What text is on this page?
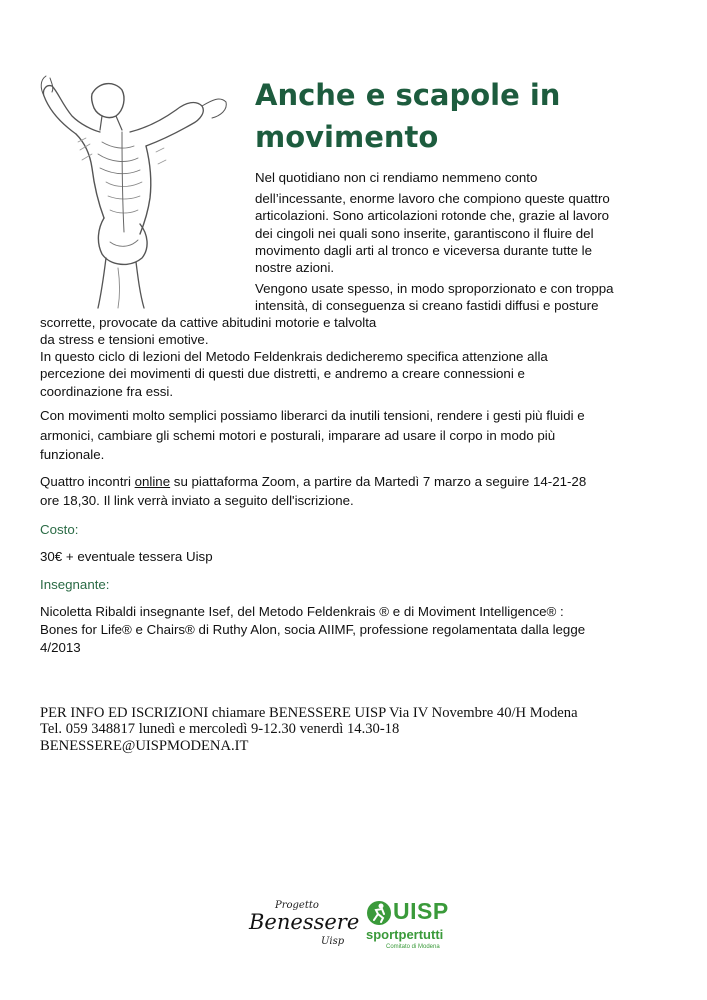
Anche e scapole in movimento
Nel quotidiano non ci rendiamo nemmeno conto
dell’incessante, enorme lavoro che compiono queste quattro
articolazioni. Sono articolazioni rotonde che, grazie al lavoro
dei cingoli nei quali sono inserite, garantiscono il fluire del
movimento dagli arti al tronco e viceversa durante tutte le
nostre azioni.
Vengono usate spesso, in modo sproporzionato e con troppa
intensità, di conseguenza si creano fastidi diffusi e posture
scorrette, provocate da cattive abitudini motorie e talvolta
da stress e tensioni emotive.
In questo ciclo di lezioni del Metodo Feldenkrais dedicheremo specifica attenzione alla
percezione dei movimenti di questi due distretti, e andremo a creare connessioni e
coordinazione fra essi.
Con movimenti molto semplici possiamo liberarci da inutili tensioni, rendere i gesti più fluidi e
armonici, cambiare gli schemi motori e posturali, imparare ad usare il corpo in modo più
funzionale.
Quattro incontri online su piattaforma Zoom, a partire da Martedì 7 marzo a seguire 14-21-28
ore 18,30. Il link verrà inviato a seguito dell'iscrizione.
Costo:
30€ + eventuale tessera Uisp
Insegnante:
Nicoletta Ribaldi insegnante Isef, del Metodo Feldenkrais ® e di Moviment Intelligence® :
Bones for Life® e Chairs® di Ruthy Alon, socia AIIMF, professione regolamentata dalla legge
4/2013
PER INFO ED ISCRIZIONI chiamare BENESSERE UISP Via IV Novembre 40/H Modena
Tel. 059 348817 lunedì e mercoledì 9-12.30 venerdì 14.30-18
BENESSERE@UISPMODENA.IT
Progetto
Benessere
Uisp
UISP
sportpertutti
Comitato di Modena
